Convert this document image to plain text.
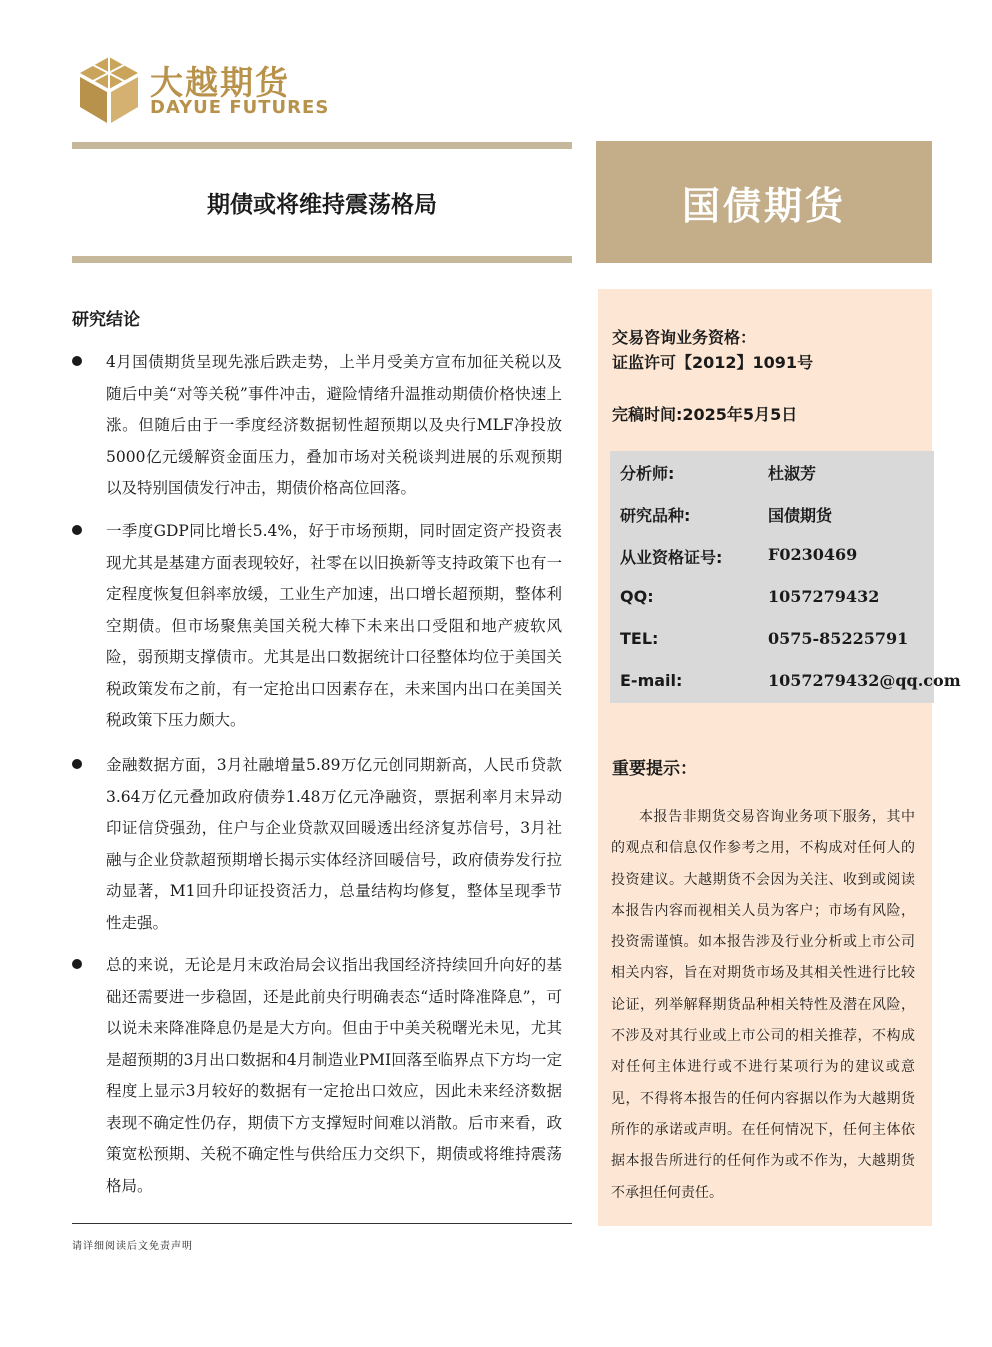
大越期货
DAYUE FUTURES
期债或将维持震荡格局	国债期货
研究结论
4月国债期货呈现先涨后跌走势，上半月受美方宣布加征关税以及随后中美“对等关税”事件冲击，避险情绪升温推动期债价格快速上涨。但随后由于一季度经济数据韧性超预期以及央行MLF净投放5000亿元缓解资金面压力，叠加市场对关税谈判进展的乐观预期以及特别国债发行冲击，期债价格高位回落。
一季度GDP同比增长5.4%，好于市场预期，同时固定资产投资表现尤其是基建方面表现较好，社零在以旧换新等支持政策下也有一定程度恢复但斜率放缓，工业生产加速，出口增长超预期，整体利空期债。但市场聚焦美国关税大棒下未来出口受阻和地产疲软风险，弱预期支撑债市。尤其是出口数据统计口径整体均位于美国关税政策发布之前，有一定抢出口因素存在，未来国内出口在美国关税政策下压力颇大。
金融数据方面，3月社融增量5.89万亿元创同期新高，人民币贷款3.64万亿元叠加政府债券1.48万亿元净融资，票据利率月末异动印证信贷强劲，住户与企业贷款双回暖透出经济复苏信号，3月社融与企业贷款超预期增长揭示实体经济回暖信号，政府债券发行拉动显著，M1回升印证投资活力，总量结构均修复，整体呈现季节性走强。
总的来说，无论是月末政治局会议指出我国经济持续回升向好的基础还需要进一步稳固，还是此前央行明确表态“适时降准降息”，可以说未来降准降息仍是是大方向。但由于中美关税曙光未见，尤其是超预期的3月出口数据和4月制造业PMI回落至临界点下方均一定程度上显示3月较好的数据有一定抢出口效应，因此未来经济数据表现不确定性仍存，期债下方支撑短时间难以消散。后市来看，政策宽松预期、关税不确定性与供给压力交织下，期债或将维持震荡格局。
交易咨询业务资格：
证监许可【2012】1091号
完稿时间:2025年5月5日
分析师:	杜淑芳
研究品种:	国债期货
从业资格证号:	F0230469
QQ:	1057279432
TEL:	0575-85225791
E-mail:	1057279432@qq.com
重要提示：
本报告非期货交易咨询业务项下服务，其中的观点和信息仅作参考之用，不构成对任何人的投资建议。大越期货不会因为关注、收到或阅读本报告内容而视相关人员为客户；市场有风险，投资需谨慎。如本报告涉及行业分析或上市公司相关内容，旨在对期货市场及其相关性进行比较论证，列举解释期货品种相关特性及潜在风险，不涉及对其行业或上市公司的相关推荐，不构成对任何主体进行或不进行某项行为的建议或意见，不得将本报告的任何内容据以作为大越期货所作的承诺或声明。在任何情况下，任何主体依据本报告所进行的任何作为或不作为，大越期货不承担任何责任。
请详细阅读后文免责声明
